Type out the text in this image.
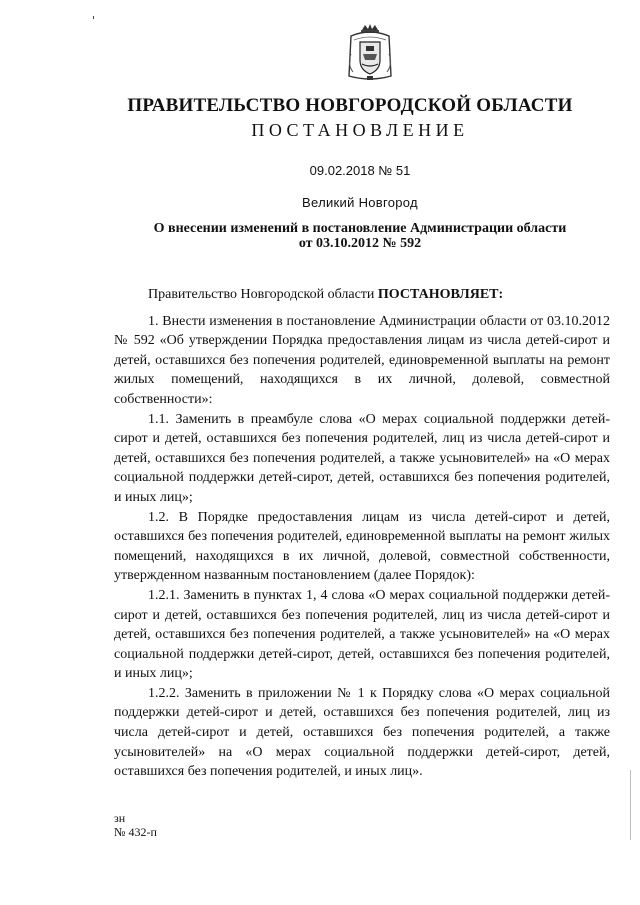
ПРАВИТЕЛЬСТВО НОВГОРОДСКОЙ ОБЛАСТИ
ПОСТАНОВЛЕНИЕ
09.02.2018 № 51
Великий Новгород
О внесении изменений в постановление Администрации области
от 03.10.2012 № 592

Правительство Новгородской области ПОСТАНОВЛЯЕТ:

1. Внести изменения в постановление Администрации области от 03.10.2012 № 592 «Об утверждении Порядка предоставления лицам из числа детей-сирот и детей, оставшихся без попечения родителей, единовременной выплаты на ремонт жилых помещений, находящихся в их личной, долевой, совместной собственности»:

1.1. Заменить в преамбуле слова «О мерах социальной поддержки детей-сирот и детей, оставшихся без попечения родителей, лиц из числа детей-сирот и детей, оставшихся без попечения родителей, а также усыновителей» на «О мерах социальной поддержки детей-сирот, детей, оставшихся без попечения родителей, и иных лиц»;

1.2. В Порядке предоставления лицам из числа детей-сирот и детей, оставшихся без попечения родителей, единовременной выплаты на ремонт жилых помещений, находящихся в их личной, долевой, совместной собственности, утвержденном названным постановлением (далее Порядок):

1.2.1. Заменить в пунктах 1, 4 слова «О мерах социальной поддержки детей-сирот и детей, оставшихся без попечения родителей, лиц из числа детей-сирот и детей, оставшихся без попечения родителей, а также усыновителей» на «О мерах социальной поддержки детей-сирот, детей, оставшихся без попечения родителей, и иных лиц»;

1.2.2. Заменить в приложении № 1 к Порядку слова «О мерах социальной поддержки детей-сирот и детей, оставшихся без попечения родителей, лиц из числа детей-сирот и детей, оставшихся без попечения родителей, а также усыновителей» на «О мерах социальной поддержки детей-сирот, детей, оставшихся без попечения родителей, и иных лиц».

зн
№ 432-п
